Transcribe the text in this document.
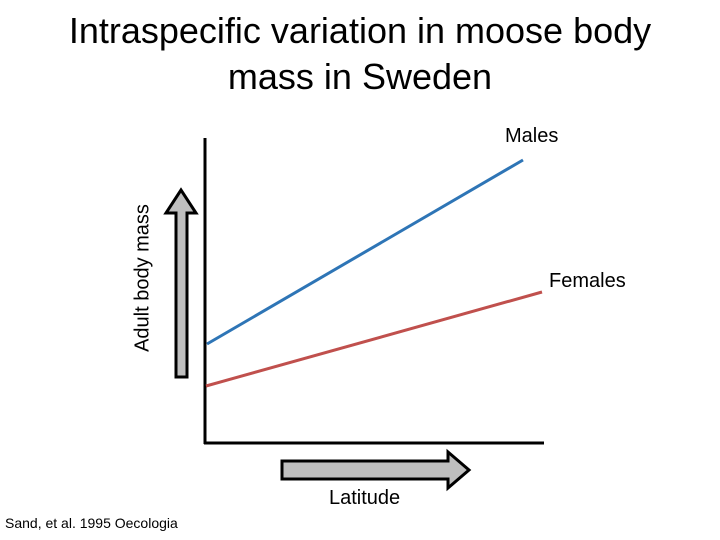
Intraspecific variation in moose body
mass in Sweden
Adult body mass
Males
Females
Latitude
Sand, et al. 1995 Oecologia
